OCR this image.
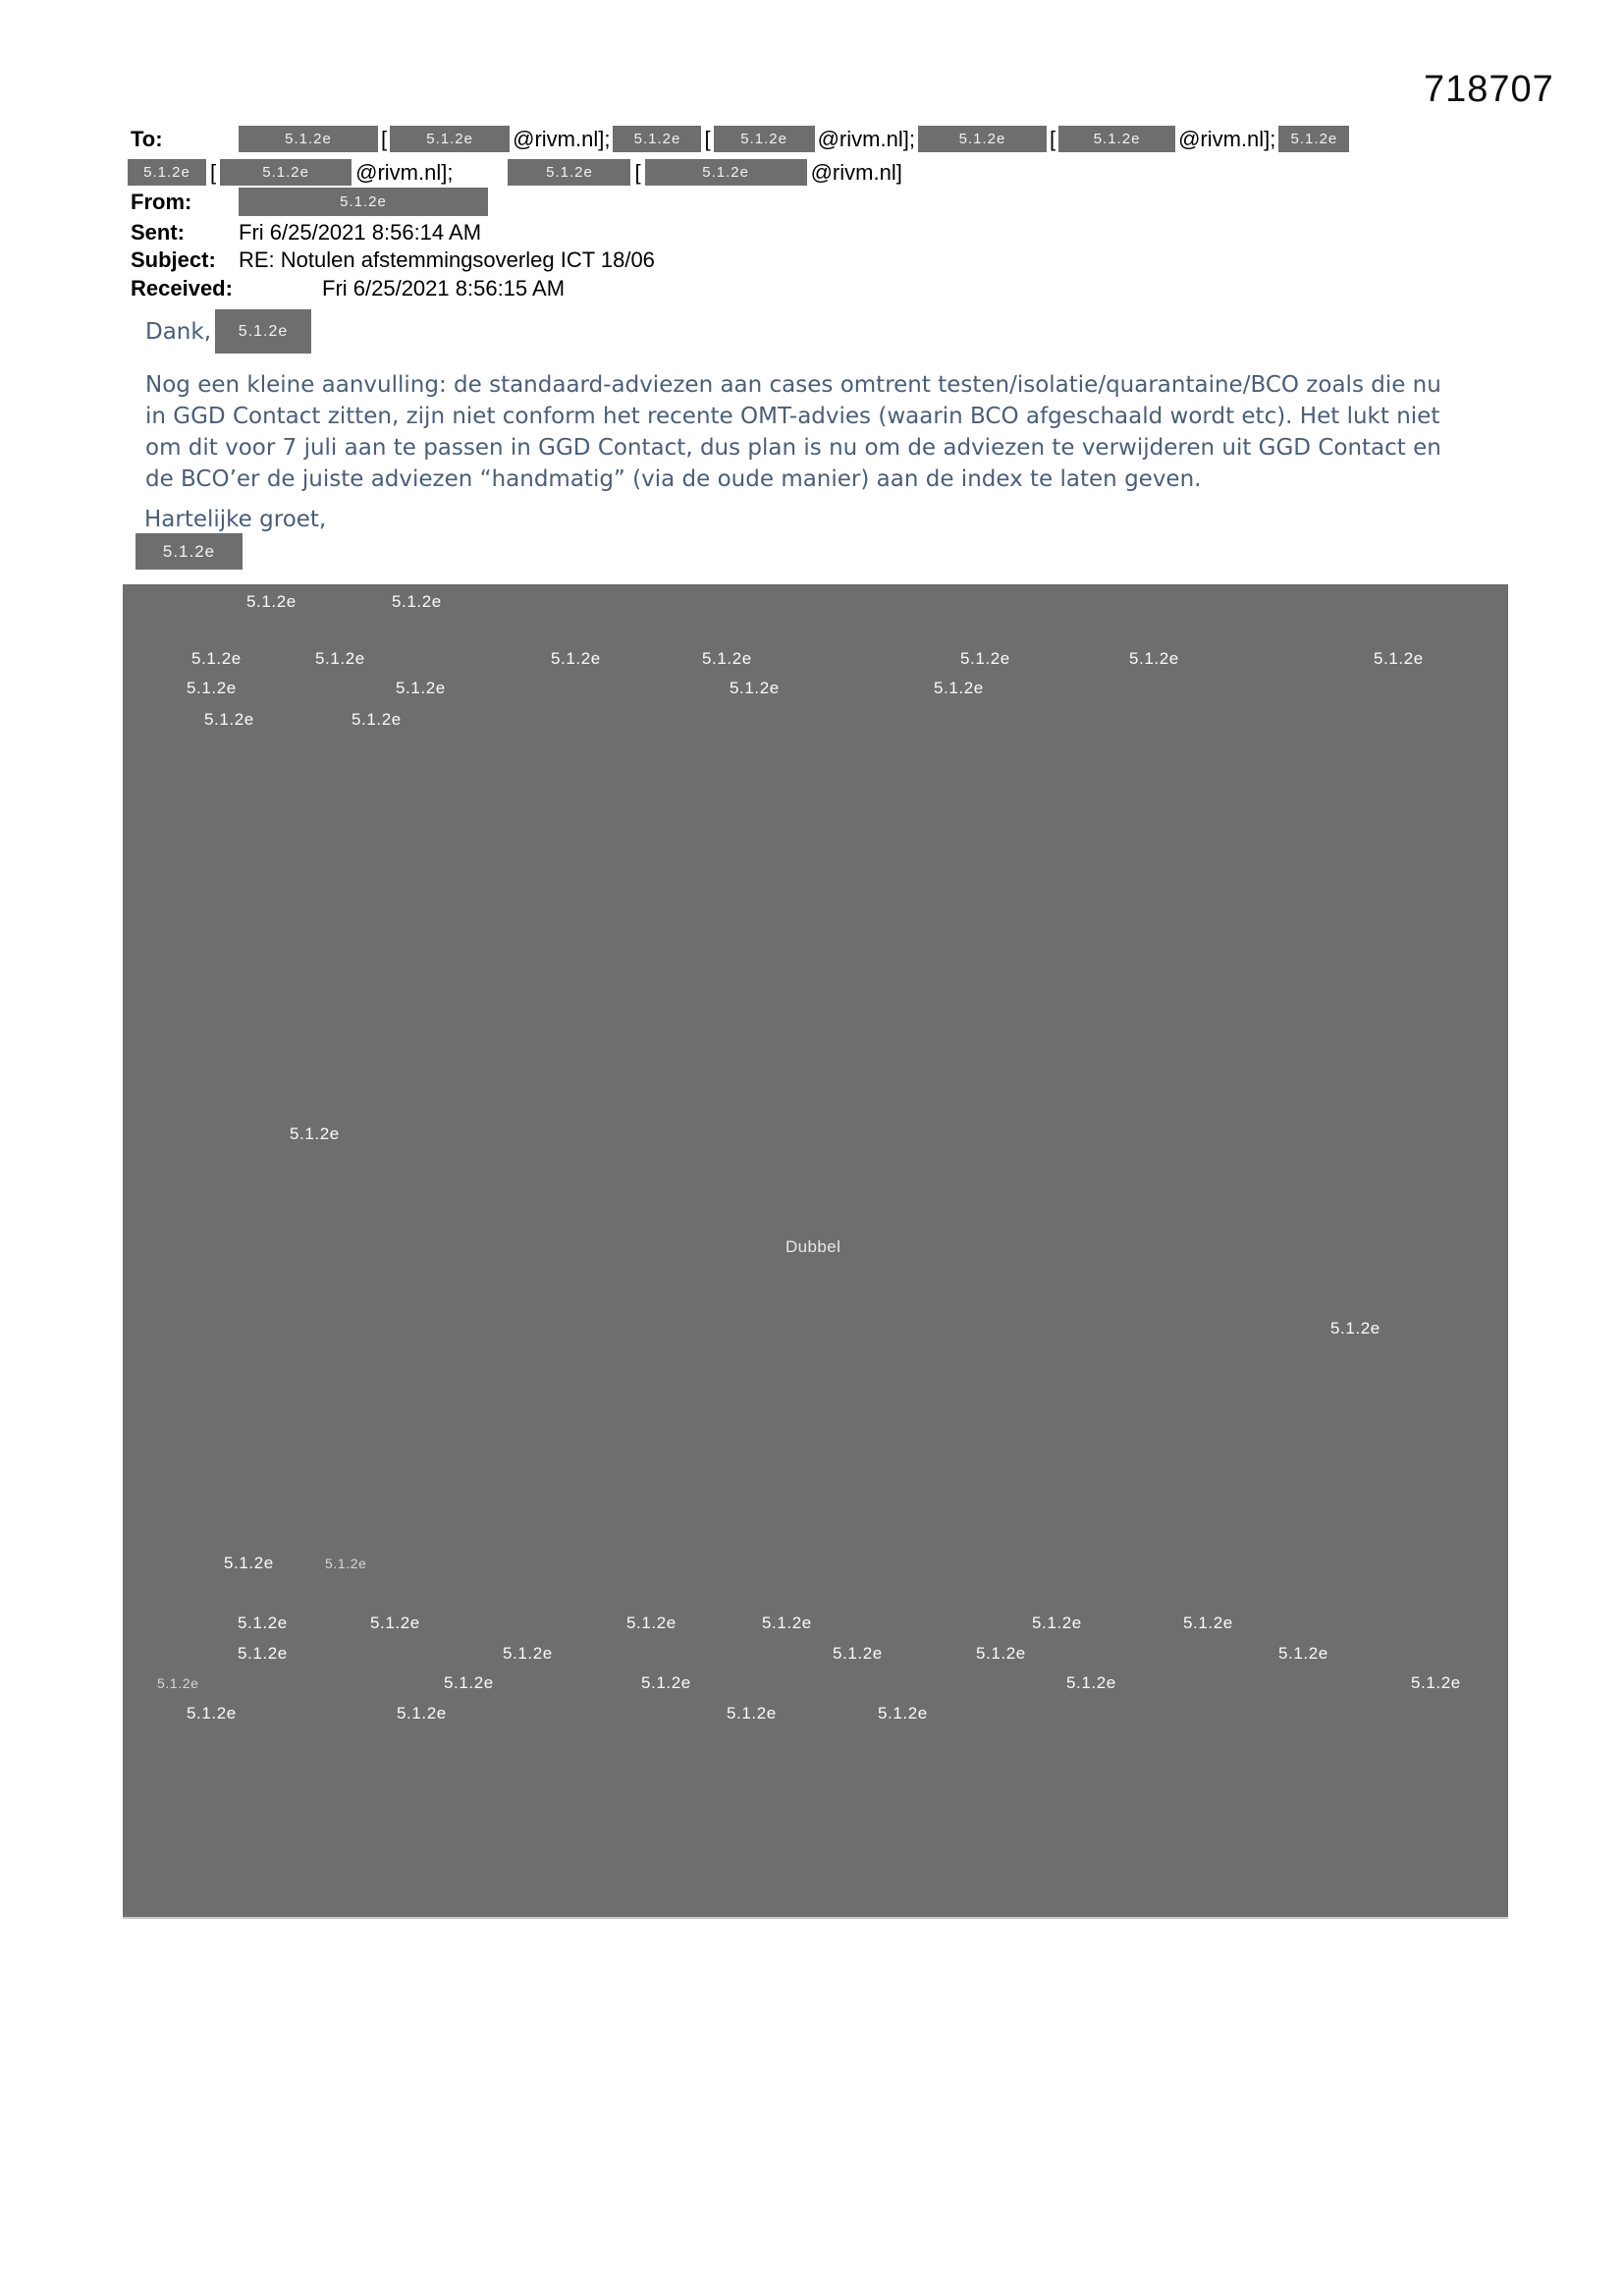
718707
To:	5.1.2e	[	5.1.2e	@rivm.nl];	5.1.2e	[	5.1.2e	@rivm.nl];	5.1.2e	[	5.1.2e	@rivm.nl];	5.1.2e
5.1.2e [	5.1.2e	@rivm.nl];	5.1.2e	[	5.1.2e	@rivm.nl]
From:	5.1.2e
Sent:	Fri 6/25/2021 8:56:14 AM
Subject:	RE: Notulen afstemmingsoverleg ICT 18/06
Received:	Fri 6/25/2021 8:56:15 AM
Dank,	5.1.2e
Nog een kleine aanvulling: de standaard-adviezen aan cases omtrent testen/isolatie/quarantaine/BCO zoals die nu
in GGD Contact zitten, zijn niet conform het recente OMT-advies (waarin BCO afgeschaald wordt etc). Het lukt niet
om dit voor 7 juli aan te passen in GGD Contact, dus plan is nu om de adviezen te verwijderen uit GGD Contact en
de BCO’er de juiste adviezen “handmatig” (via de oude manier) aan de index te laten geven.
Hartelijke groet,
5.1.2e
5.1.2e	5.1.2e
5.1.2e	5.1.2e	5.1.2e	5.1.2e	5.1.2e	5.1.2e	5.1.2e
5.1.2e	5.1.2e	5.1.2e	5.1.2e
5.1.2e	5.1.2e
5.1.2e
Dubbel
5.1.2e
5.1.2e	5.1.2e
5.1.2e	5.1.2e	5.1.2e	5.1.2e	5.1.2e	5.1.2e
5.1.2e	5.1.2e	5.1.2e	5.1.2e	5.1.2e
5.1.2e	5.1.2e	5.1.2e	5.1.2e	5.1.2e
5.1.2e	5.1.2e	5.1.2e	5.1.2e
